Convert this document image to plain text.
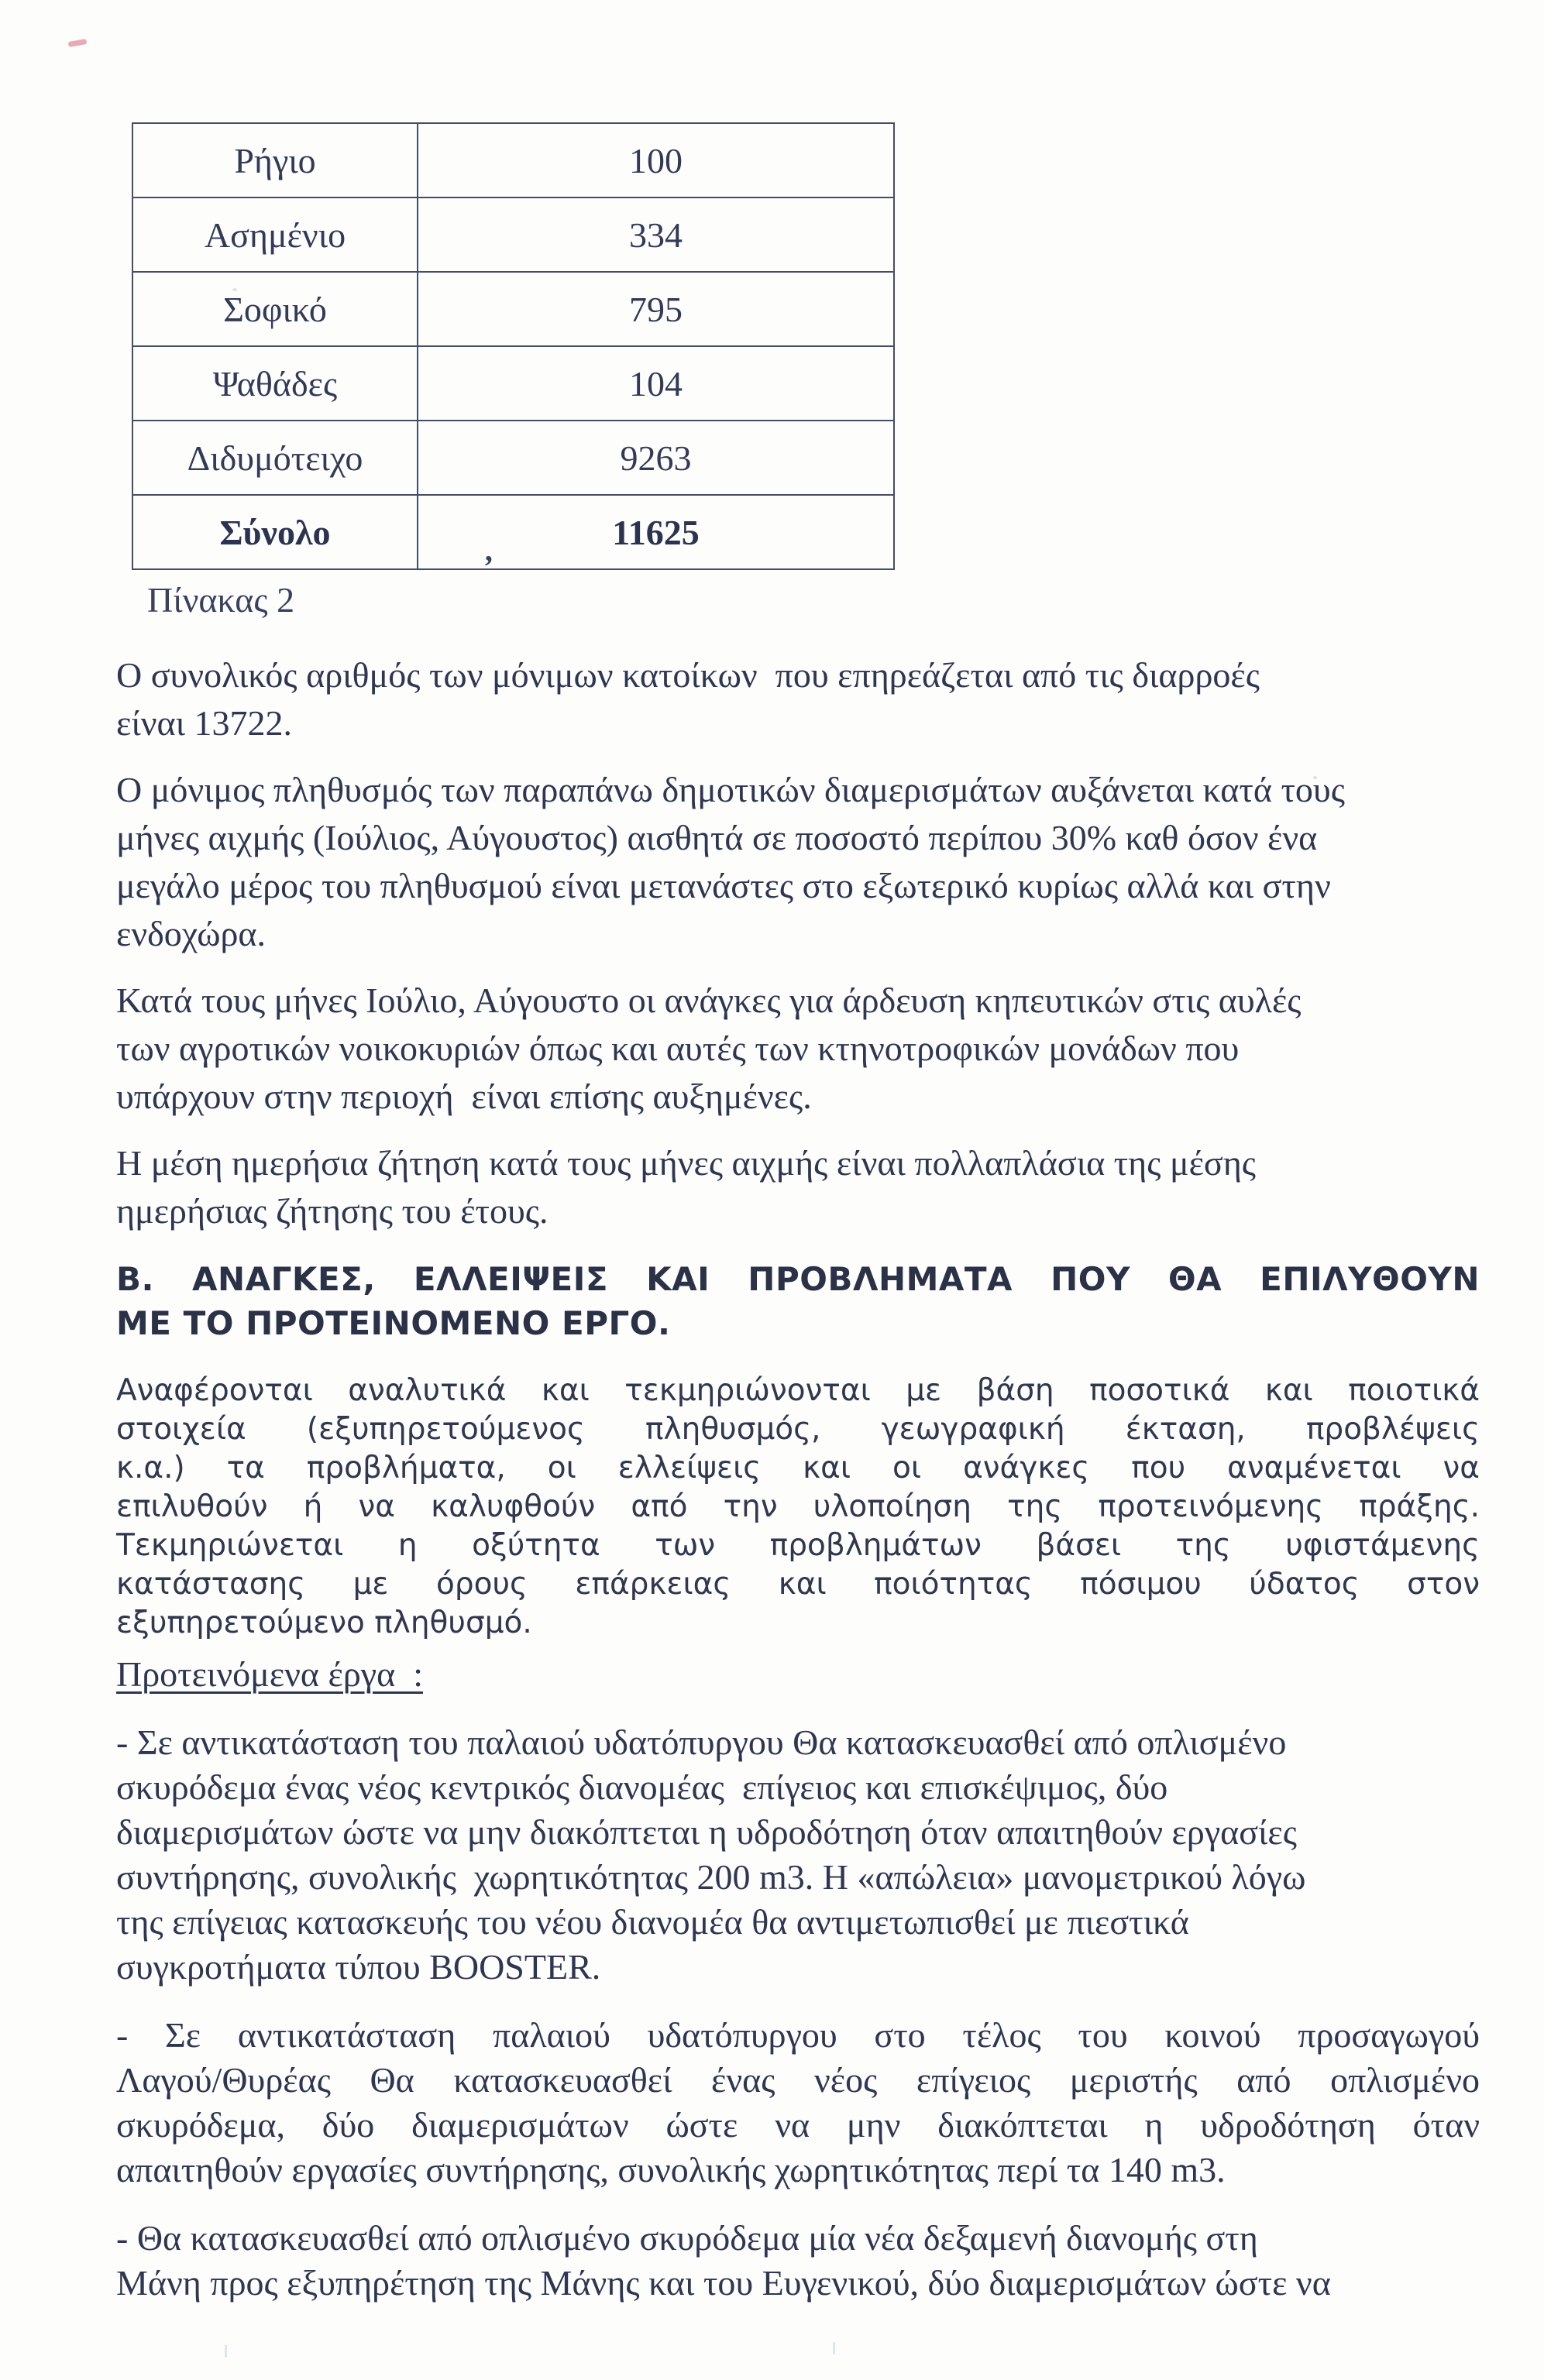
Ρήγιο	100
Ασημένιο	334
Σοφικό	795
Ψαθάδες	104
Διδυμότειχο	9263
Σύνολο	11625
,
Πίνακας 2
Ο συνολικός αριθμός των μόνιμων κατοίκων  που επηρεάζεται από τις διαρροές
είναι 13722.
Ο μόνιμος πληθυσμός των παραπάνω δημοτικών διαμερισμάτων αυξάνεται κατά τους
μήνες αιχμής (Ιούλιος, Αύγουστος) αισθητά σε ποσοστό περίπου 30% καθ όσον ένα
μεγάλο μέρος του πληθυσμού είναι μετανάστες στο εξωτερικό κυρίως αλλά και στην
ενδοχώρα.
Κατά τους μήνες Ιούλιο, Αύγουστο οι ανάγκες για άρδευση κηπευτικών στις αυλές
των αγροτικών νοικοκυριών όπως και αυτές των κτηνοτροφικών μονάδων που
υπάρχουν στην περιοχή  είναι επίσης αυξημένες.
Η μέση ημερήσια ζήτηση κατά τους μήνες αιχμής είναι πολλαπλάσια της μέσης
ημερήσιας ζήτησης του έτους.
Β. ΑΝΑΓΚΕΣ, ΕΛΛΕΙΨΕΙΣ ΚΑΙ ΠΡΟΒΛΗΜΑΤΑ ΠΟΥ ΘΑ ΕΠΙΛΥΘΟΥΝ
ΜΕ ΤΟ ΠΡΟΤΕΙΝΟΜΕΝΟ ΕΡΓΟ.
Αναφέρονται αναλυτικά και τεκμηριώνονται με βάση ποσοτικά και ποιοτικά
στοιχεία (εξυπηρετούμενος πληθυσμός, γεωγραφική έκταση, προβλέψεις
κ.α.) τα προβλήματα, οι ελλείψεις και οι ανάγκες που αναμένεται να
επιλυθούν ή να καλυφθούν από την υλοποίηση της προτεινόμενης πράξης.
Τεκμηριώνεται η οξύτητα των προβλημάτων βάσει της υφιστάμενης
κατάστασης με όρους επάρκειας και ποιότητας πόσιμου ύδατος στον
εξυπηρετούμενο πληθυσμό.
Προτεινόμενα έργα  :
- Σε αντικατάσταση του παλαιού υδατόπυργου Θα κατασκευασθεί από οπλισμένο
σκυρόδεμα ένας νέος κεντρικός διανομέας  επίγειος και επισκέψιμος, δύο
διαμερισμάτων ώστε να μην διακόπτεται η υδροδότηση όταν απαιτηθούν εργασίες
συντήρησης, συνολικής  χωρητικότητας 200 m3. Η «απώλεια» μανομετρικού λόγω
της επίγειας κατασκευής του νέου διανομέα θα αντιμετωπισθεί με πιεστικά
συγκροτήματα τύπου BOOSTER.
- Σε αντικατάσταση παλαιού υδατόπυργου στο τέλος του κοινού προσαγωγού
Λαγού/Θυρέας Θα κατασκευασθεί ένας νέος επίγειος μεριστής από οπλισμένο
σκυρόδεμα, δύο διαμερισμάτων ώστε να μην διακόπτεται η υδροδότηση όταν
απαιτηθούν εργασίες συντήρησης, συνολικής χωρητικότητας περί τα 140 m3.
- Θα κατασκευασθεί από οπλισμένο σκυρόδεμα μία νέα δεξαμενή διανομής στη
Μάνη προς εξυπηρέτηση της Μάνης και του Ευγενικού, δύο διαμερισμάτων ώστε να
